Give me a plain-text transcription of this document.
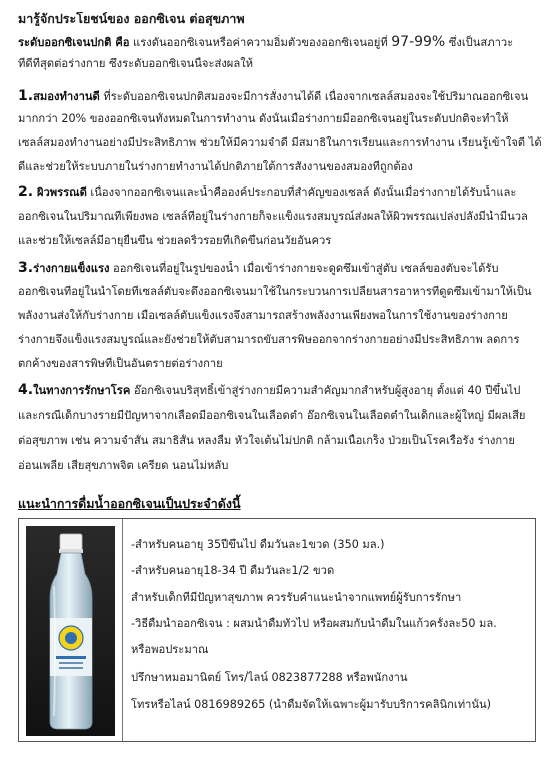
มารู้จักประโยชน์ของ ออกซิเจน ต่อสุขภาพ
ระดับออกซิเจนปกติ คือ แรงดันออกซิเจนหรือค่าความอิ่มตัวของออกซิเจนอยู่ที่ 97-99% ซึ่งเป็นสภาวะ
ที่ดีที่สุดต่อร่างกาย ซึ่งระดับออกซิเจนนี้จะส่งผลให้
1.สมองทำงานดี ที่ระดับออกซิเจนปกติสมองจะมีการสั่งงานได้ดี เนื่องจากเซลล์สมองจะใช้ปริมาณออกซิเจน
มากกว่า 20% ของออกซิเจนทั้งหมดในการทำงาน ดังนั้นเมื่อร่างกายมีออกซิเจนอยู่ในระดับปกติจะทำให้
เซลล์สมองทำงานอย่างมีประสิทธิภาพ ช่วยให้มีความจำดี มีสมาธิในการเรียนและการทำงาน เรียนรู้เข้าใจดี ได้
ดีและช่วยให้ระบบภายในร่างกายทำงานได้ปกติภายใต้การสั่งงานของสมองที่ถูกต้อง
2. ผิวพรรณดี เนื่องจากออกซิเจนและน้ำคือองค์ประกอบที่สำคัญของเซลล์ ดังนั้นเมื่อร่างกายได้รับน้ำและ
ออกซิเจนในปริมาณที่เพียงพอ เซลล์ที่อยู่ในร่างกายก็จะแข็งแรงสมบูรณ์ส่งผลให้ผิวพรรณเปล่งปลั่งมีน้ำมีนวล
และช่วยให้เซลล์มีอายุยืนขึ้น ช่วยลดริ้วรอยที่เกิดขึ้นก่อนวัยอันควร
3.ร่างกายแข็งแรง ออกซิเจนที่อยู่ในรูปของน้ำ เมื่อเข้าร่างกายจะดูดซึมเข้าสู่ตับ เซลล์ของตับจะได้รับ
ออกซิเจนที่อยู่ในน้ำโดยที่เซลล์ตับจะดึงออกซิเจนมาใช้ในกระบวนการเปลี่ยนสารอาหารที่ดูดซึมเข้ามาให้เป็น
พลังงานส่งให้กับร่างกาย เมื่อเซลล์ตับแข็งแรงจึงสามารถสร้างพลังงานเพียงพอในการใช้งานของร่างกาย
ร่างกายจึงแข็งแรงสมบูรณ์และยังช่วยให้ตับสามารถขับสารพิษออกจากร่างกายอย่างมีประสิทธิภาพ ลดการ
ตกค้างของสารพิษที่เป็นอันตรายต่อร่างกาย
4.ในทางการรักษาโรค อ๊อกซิเจนบริสุทธิ์เข้าสู่ร่างกายมีความสำคัญมากสำหรับผู้สูงอายุ ตั้งแต่ 40 ปีขึ้นไป
และกรณีเด็กบางรายมีปัญหาจากเลือดมีออกซิเจนในเลือดต่ำ อ๊อกซิเจนในเลือดต่ำในเด็กและผู้ใหญ่ มีผลเสีย
ต่อสุขภาพ เช่น ความจำสั้น สมาธิสั้น หลงลืม หัวใจเต้นไม่ปกติ กล้ามเนื้อเกร็ง ป่วยเป็นโรคเรื้อรัง ร่างกาย
อ่อนเพลีย เสียสุขภาพจิต เครียด นอนไม่หลับ
แนะนำการดื่มน้ำออกซิเจนเป็นประจำดังนี้
-สำหรับคนอายุ 35ปีขึ้นไป ดื่มวันละ1ขวด (350 มล.)
-สำหรับคนอายุ18-34 ปี ดื่มวันละ1/2 ขวด
สำหรับเด็กที่มีปัญหาสุขภาพ ควรรับคำแนะนำจากแพทย์ผู้รับการรักษา
-วิธีดื่มน้ำออกซิเจน : ผสมน้ำดื่มทั่วไป หรือผสมกับน้ำดื่มในแก้วครั้งละ50 มล.
หรือพอประมาณ
ปรึกษาหมอมานิตย์ โทร/ไลน์ 0823877288 หรือพนักงาน
โทรหรือไลน์ 0816989265 (น้ำดื่มจัดให้เฉพาะผู้มารับบริการคลินิกเท่านั้น)
